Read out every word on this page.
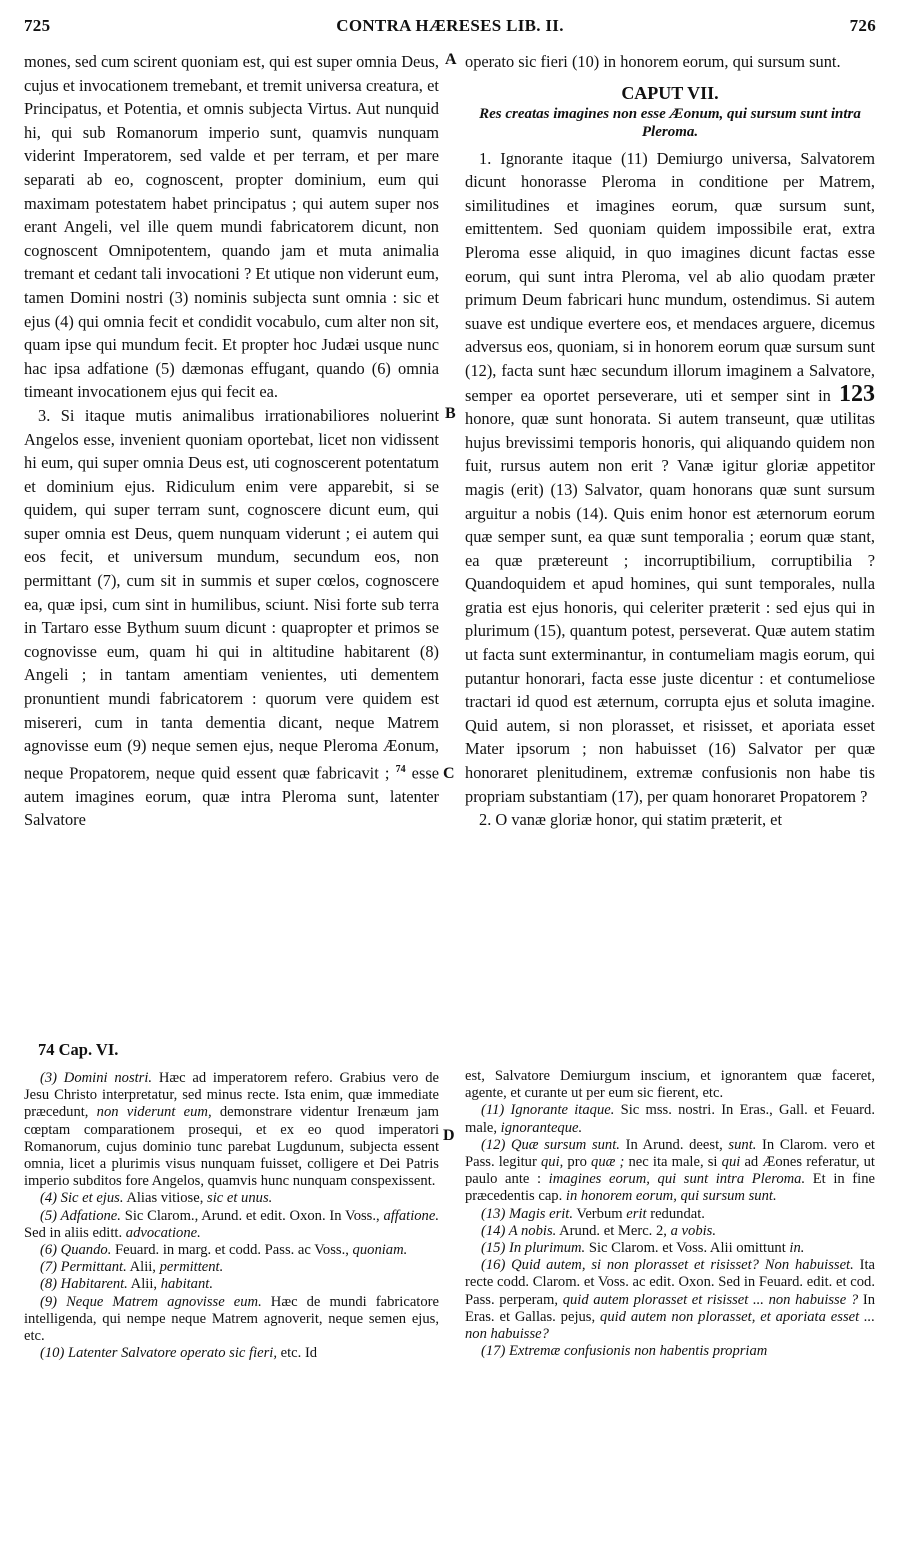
725	CONTRA HÆRESES LIB. II.	726
A
B
C
D

mones, sed cum scirent quoniam est, qui est super omnia Deus, cujus et invocationem tremebant, et tremit universa creatura, et Principatus, et Potentia, et omnis subjecta Virtus. Aut nunquid hi, qui sub Romanorum imperio sunt, quamvis nunquam viderint Imperatorem, sed valde et per terram, et per mare separati ab eo, cognoscent, propter dominium, eum qui maximam potestatem habet principatus ; qui autem super nos erant Angeli, vel ille quem mundi fabricatorem dicunt, non cognoscent Omnipotentem, quando jam et muta animalia tremant et cedant tali invocationi ? Et utique non viderunt eum, tamen Domini nostri (3) nominis subjecta sunt omnia : sic et ejus (4) qui omnia fecit et condidit vocabulo, cum alter non sit, quam ipse qui mundum fecit. Et propter hoc Judæi usque nunc hac ipsa adfatione (5) dæmonas effugant, quando (6) omnia timeant invocationem ejus qui fecit ea.

3. Si itaque mutis animalibus irrationabiliores noluerint Angelos esse, invenient quoniam oportebat, licet non vidissent hi eum, qui super omnia Deus est, uti cognoscerent potentatum et dominium ejus. Ridiculum enim vere apparebit, si se quidem, qui super terram sunt, cognoscere dicunt eum, qui super omnia est Deus, quem nunquam viderunt ; ei autem qui eos fecit, et universum mundum, secundum eos, non permittant (7), cum sit in summis et super cœlos, cognoscere ea, quæ ipsi, cum sint in humilibus, sciunt. Nisi forte sub terra in Tartaro esse Bythum suum dicunt : quapropter et primos se cognovisse eum, quam hi qui in altitudine habitarent (8) Angeli ; in tantam amentiam venientes, uti dementem pronuntient mundi fabricatorem : quorum vere quidem est misereri, cum in tanta dementia dicant, neque Matrem agnovisse eum (9) neque semen ejus, neque Pleroma Æonum, neque Propatorem, neque quid essent quæ fabricavit ; $^{74}$ esse autem imagines eorum, quæ intra Pleroma sunt, latenter Salvatore

operato sic fieri (10) in honorem eorum, qui sursum sunt.

CAPUT VII.
Res creatas imagines non esse Æonum, qui sursum sunt intra Pleroma.

1. Ignorante itaque (11) Demiurgo universa, Salvatorem dicunt honorasse Pleroma in conditione per Matrem, similitudines et imagines eorum, quæ sursum sunt, emittentem. Sed quoniam quidem impossibile erat, extra Pleroma esse aliquid, in quo imagines dicunt factas esse eorum, qui sunt intra Pleroma, vel ab alio quodam præter primum Deum fabricari hunc mundum, ostendimus. Si autem suave est undique evertere eos, et mendaces arguere, dicemus adversus eos, quoniam, si in honorem eorum quæ sursum sunt (12), facta sunt hæc secundum illorum imaginem a Salvatore, semper ea oportet perseverare, uti et semper sint in 123 honore, quæ sunt honorata. Si autem transeunt, quæ utilitas hujus brevissimi temporis honoris, qui aliquando quidem non fuit, rursus autem non erit ? Vanæ igitur gloriæ appetitor magis (erit) (13) Salvator, quam honorans quæ sunt sursum arguitur a nobis (14). Quis enim honor est æternorum eorum quæ semper sunt, ea quæ sunt temporalia ; eorum quæ stant, ea quæ prætereunt ; incorruptibilium, corruptibilia ? Quandoquidem et apud homines, qui sunt temporales, nulla gratia est ejus honoris, qui celeriter præterit : sed ejus qui in plurimum (15), quantum potest, perseverat. Quæ autem statim ut facta sunt exterminantur, in contumeliam magis eorum, qui putantur honorari, facta esse juste dicentur : et contumeliose tractari id quod est æternum, corrupta ejus et soluta imagine. Quid autem, si non plorasset, et risisset, et aporiata esset Mater ipsorum ; non habuisset (16) Salvator per quæ honoraret plenitudinem, extremæ confusionis non habe tis propriam substantiam (17), per quam honoraret Propatorem ?

2. O vanæ gloriæ honor, qui statim præterit, et

74 Cap. VI.

(3) Domini nostri. Hæc ad imperatorem refero. Grabius vero de Jesu Christo interpretatur, sed minus recte. Ista enim, quæ immediate præcedunt, non viderunt eum, demonstrare videntur Irenæum jam cœptam comparationem prosequi, et ex eo quod imperatori Romanorum, cujus dominio tunc parebat Lugdunum, subjecta essent omnia, licet a plurimis visus nunquam fuisset, colligere et Dei Patris imperio subditos fore Angelos, quamvis hunc nunquam conspexissent.

(4) Sic et ejus. Alias vitiose, sic et unus.

(5) Adfatione. Sic Clarom., Arund. et edit. Oxon. In Voss., affatione. Sed in aliis editt. advocatione.

(6) Quando. Feuard. in marg. et codd. Pass. ac Voss., quoniam.

(7) Permittant. Alii, permittent.

(8) Habitarent. Alii, habitant.

(9) Neque Matrem agnovisse eum. Hæc de mundi fabricatore intelligenda, qui nempe neque Matrem agnoverit, neque semen ejus, etc.

(10) Latenter Salvatore operato sic fieri, etc. Id

est, Salvatore Demiurgum inscium, et ignorantem quæ faceret, agente, et curante ut per eum sic fierent, etc.

(11) Ignorante itaque. Sic mss. nostri. In Eras., Gall. et Feuard. male, ignoranteque.

(12) Quæ sursum sunt. In Arund. deest, sunt. In Clarom. vero et Pass. legitur qui, pro quæ ; nec ita male, si qui ad Æones referatur, ut paulo ante : imagines eorum, qui sunt intra Pleroma. Et in fine præcedentis cap. in honorem eorum, qui sursum sunt.

(13) Magis erit. Verbum erit redundat.

(14) A nobis. Arund. et Merc. 2, a vobis.

(15) In plurimum. Sic Clarom. et Voss. Alii omittunt in.

(16) Quid autem, si non plorasset et risisset? Non habuisset. Ita recte codd. Clarom. et Voss. ac edit. Oxon. Sed in Feuard. edit. et cod. Pass. perperam, quid autem plorasset et risisset ... non habuisse ? In Eras. et Gallas. pejus, quid autem non plorasset, et aporiata esset ... non habuisse?

(17) Extremæ confusionis non habentis propriam
